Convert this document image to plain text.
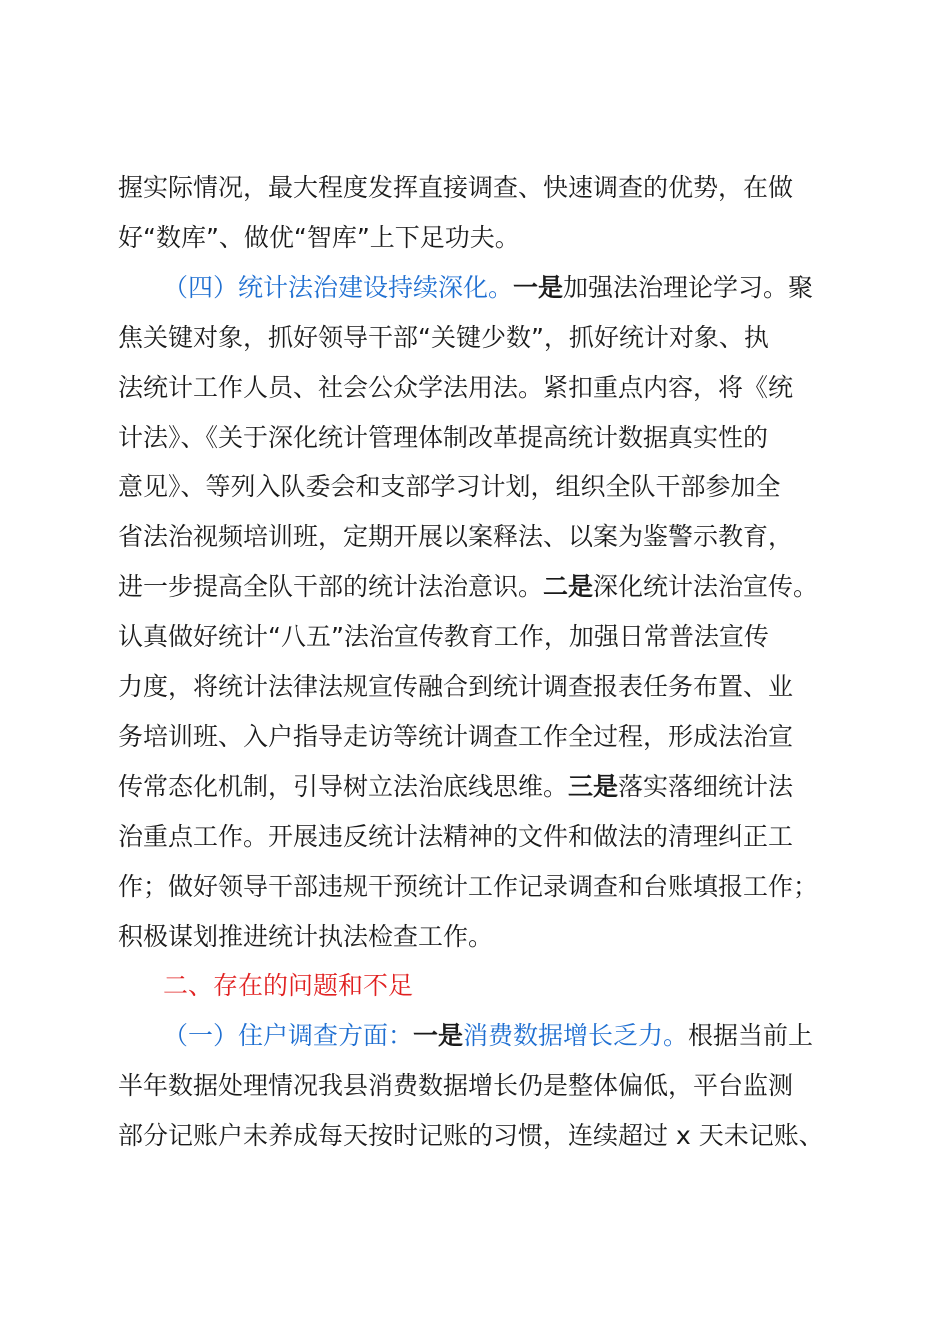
握实际情况，最大程度发挥直接调查、快速调查的优势，在做
好“数库”、做优“智库”上下足功夫。
（四）统计法治建设持续深化。一是加强法治理论学习。聚
焦关键对象，抓好领导干部“关键少数”，抓好统计对象、执
法统计工作人员、社会公众学法用法。紧扣重点内容，将《统
计法》、《关于深化统计管理体制改革提高统计数据真实性的
意见》、等列入队委会和支部学习计划，组织全队干部参加全
省法治视频培训班，定期开展以案释法、以案为鉴警示教育，
进一步提高全队干部的统计法治意识。二是深化统计法治宣传。
认真做好统计“八五”法治宣传教育工作，加强日常普法宣传
力度，将统计法律法规宣传融合到统计调查报表任务布置、业
务培训班、入户指导走访等统计调查工作全过程，形成法治宣
传常态化机制，引导树立法治底线思维。三是落实落细统计法
治重点工作。开展违反统计法精神的文件和做法的清理纠正工
作；做好领导干部违规干预统计工作记录调查和台账填报工作；
积极谋划推进统计执法检查工作。
二、存在的问题和不足
（一）住户调查方面：一是消费数据增长乏力。根据当前上
半年数据处理情况我县消费数据增长仍是整体偏低，平台监测
部分记账户未养成每天按时记账的习惯，连续超过 x 天未记账、
